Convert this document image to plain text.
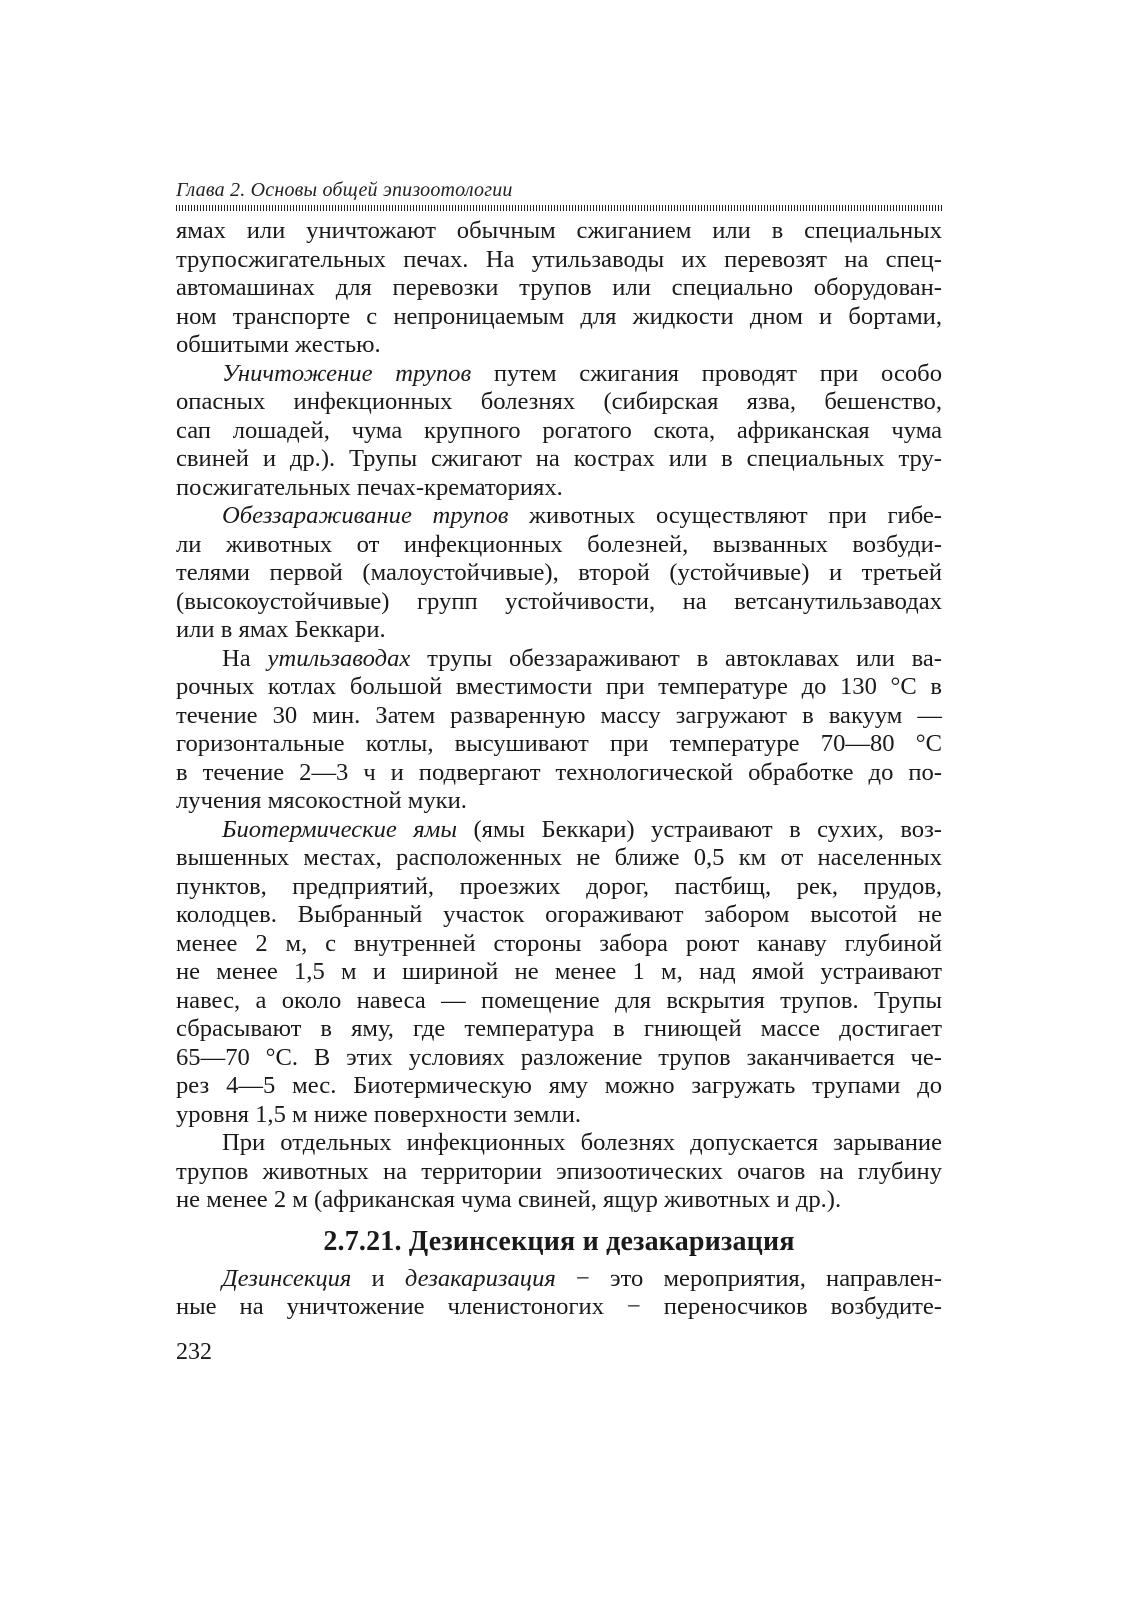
Глава 2. Основы общей эпизоотологии
ямах или уничтожают обычным сжиганием или в специальных
трупосжигательных печах. На утильзаводы их перевозят на спец-
автомашинах для перевозки трупов или специально оборудован-
ном транспорте с непроницаемым для жидкости дном и бортами,
обшитыми жестью.
Уничтожение трупов путем сжигания проводят при особо
опасных инфекционных болезнях (сибирская язва, бешенство,
сап лошадей, чума крупного рогатого скота, африканская чума
свиней и др.). Трупы сжигают на кострах или в специальных тру-
посжигательных печах-крематориях.
Обеззараживание трупов животных осуществляют при гибе-
ли животных от инфекционных болезней, вызванных возбуди-
телями первой (малоустойчивые), второй (устойчивые) и третьей
(высокоустойчивые) групп устойчивости, на ветсанутильзаводах
или в ямах Беккари.
На утильзаводах трупы обеззараживают в автоклавах или ва-
рочных котлах большой вместимости при температуре до 130 °С в
течение 30 мин. Затем разваренную массу загружают в вакуум —
горизонтальные котлы, высушивают при температуре 70—80 °С
в течение 2—3 ч и подвергают технологической обработке до по-
лучения мясокостной муки.
Биотермические ямы (ямы Беккари) устраивают в сухих, воз-
вышенных местах, расположенных не ближе 0,5 км от населенных
пунктов, предприятий, проезжих дорог, пастбищ, рек, прудов,
колодцев. Выбранный участок огораживают забором высотой не
менее 2 м, с внутренней стороны забора роют канаву глубиной
не менее 1,5 м и шириной не менее 1 м, над ямой устраивают
навес, а около навеса — помещение для вскрытия трупов. Трупы
сбрасывают в яму, где температура в гниющей массе достигает
65—70 °С. В этих условиях разложение трупов заканчивается че-
рез 4—5 мес. Биотермическую яму можно загружать трупами до
уровня 1,5 м ниже поверхности земли.
При отдельных инфекционных болезнях допускается зарывание
трупов животных на территории эпизоотических очагов на глубину
не менее 2 м (африканская чума свиней, ящур животных и др.).
2.7.21. Дезинсекция и дезакаризация
Дезинсекция и дезакаризация − это мероприятия, направлен-
ные на уничтожение членистоногих − переносчиков возбудите-
232
